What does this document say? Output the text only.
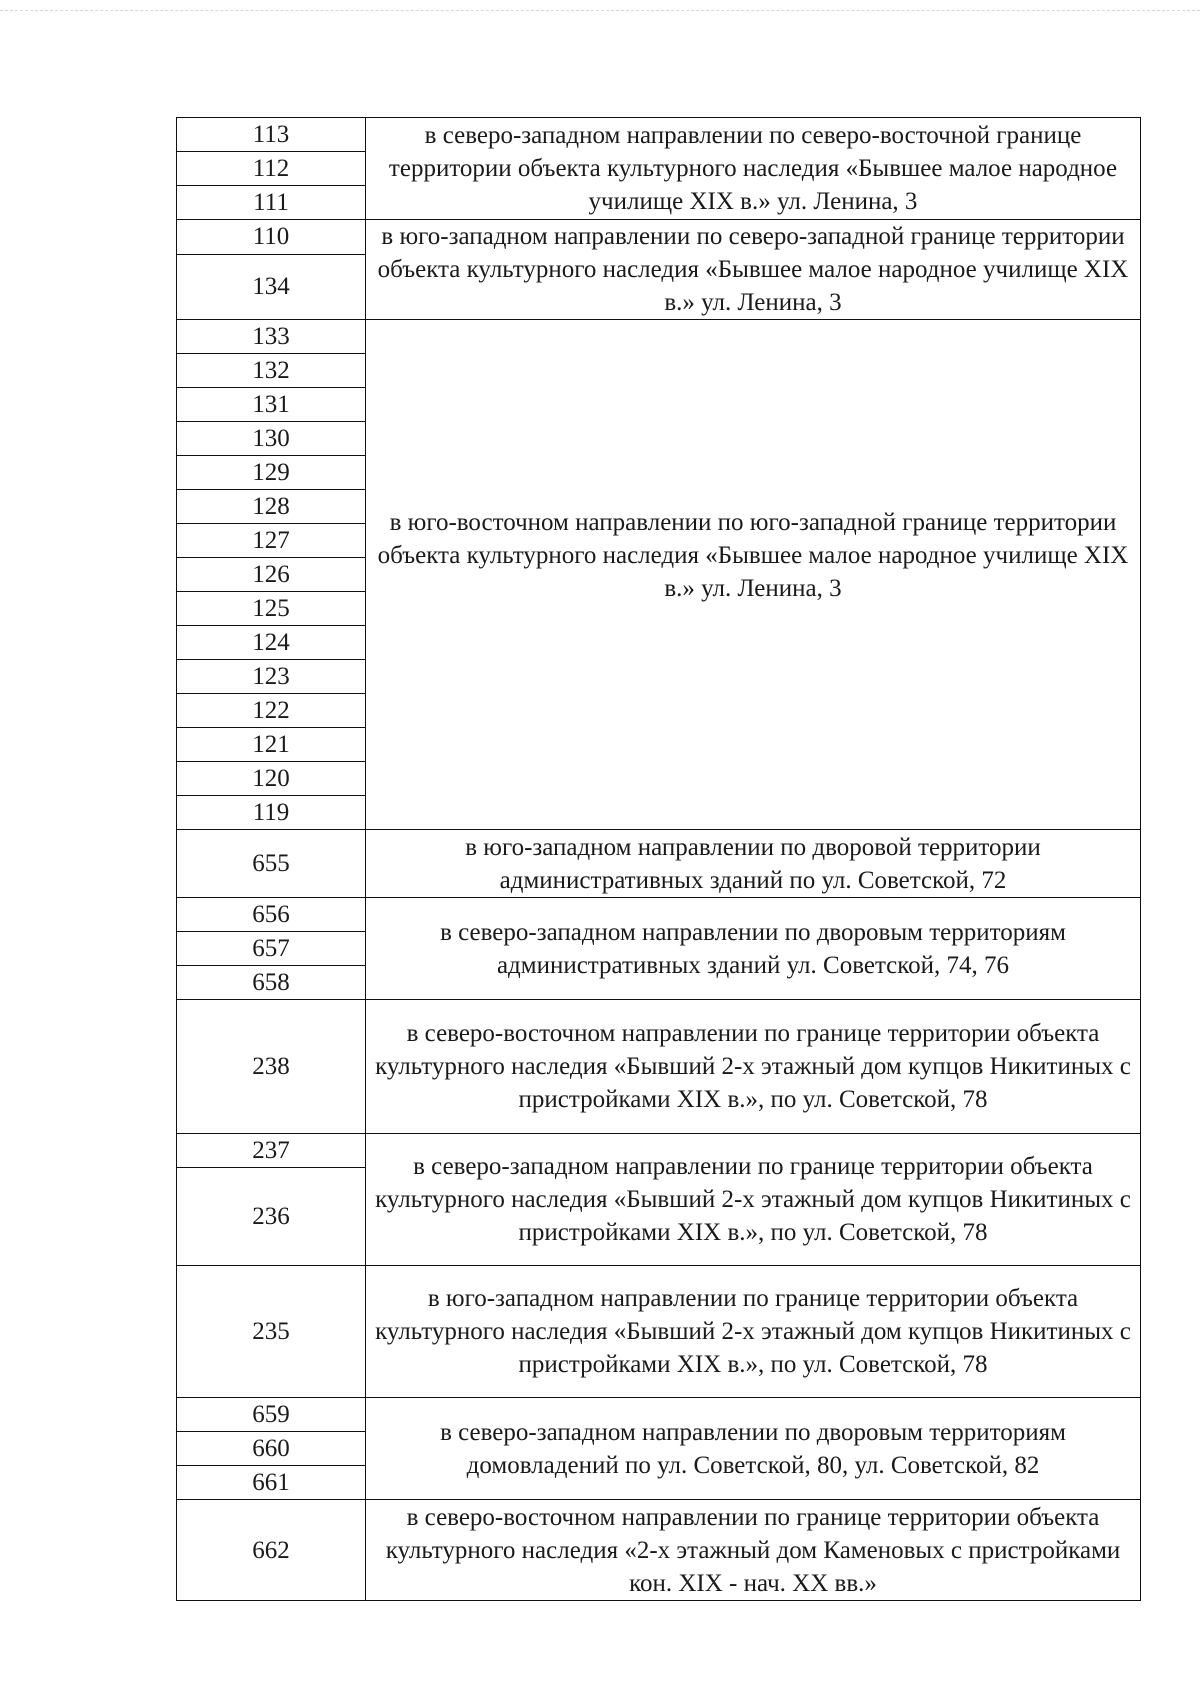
113	в северо-западном направлении по северо-восточной границе территории объекта культурного наследия «Бывшее малое народное училище XIX в.» ул. Ленина, 3
112	
111	
110	в юго-западном направлении по северо-западной границе территории объекта культурного наследия «Бывшее малое народное училище XIX в.» ул. Ленина, 3
134	
133	в юго-восточном направлении по юго-западной границе территории объекта культурного наследия «Бывшее малое народное училище XIX в.» ул. Ленина, 3
132	
131	
130	
129	
128	
127	
126	
125	
124	
123	
122	
121	
120	
119	
655	в юго-западном направлении по дворовой территории административных зданий по ул. Советской, 72
656	в северо-западном направлении по дворовым территориям административных зданий ул. Советской, 74, 76
657	
658	
238	в северо-восточном направлении по границе территории объекта культурного наследия «Бывший 2-х этажный дом купцов Никитиных с пристройками XIX в.», по ул. Советской, 78
237	в северо-западном направлении по границе территории объекта культурного наследия «Бывший 2-х этажный дом купцов Никитиных с пристройками XIX в.», по ул. Советской, 78
236	
235	в юго-западном направлении по границе территории объекта культурного наследия «Бывший 2-х этажный дом купцов Никитиных с пристройками XIX в.», по ул. Советской, 78
659	в северо-западном направлении по дворовым территориям домовладений по ул. Советской, 80, ул. Советской, 82
660	
661	
662	в северо-восточном направлении по границе территории объекта культурного наследия «2-х этажный дом Каменовых с пристройками кон. XIX - нач. XX вв.»
